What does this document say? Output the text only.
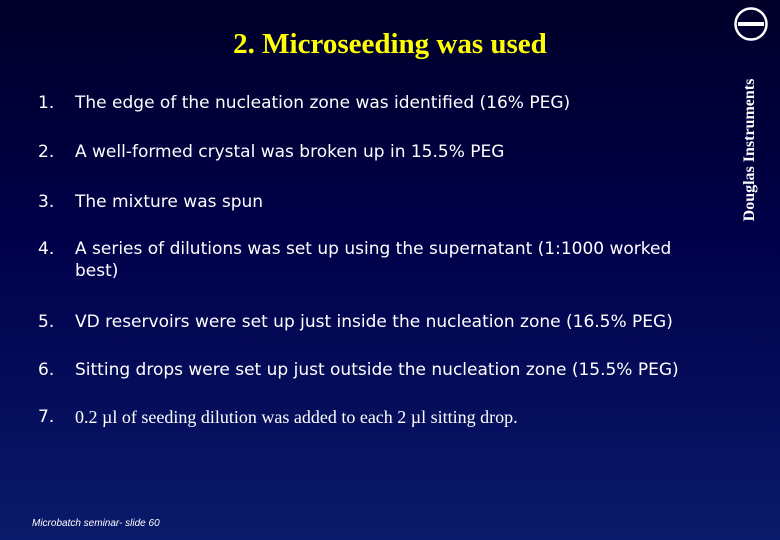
2. Microseeding was used
Douglas Instruments
1.	The edge of the nucleation zone was identified (16% PEG)
2.	A well-formed crystal was broken up in 15.5% PEG
3.	The mixture was spun
4.	A series of dilutions was set up using the supernatant (1:1000 worked best)
5.	VD reservoirs were set up just inside the nucleation zone (16.5% PEG)
6.	Sitting drops were set up just outside the nucleation zone (15.5% PEG)
7.	0.2 µl of seeding dilution was added to each 2 µl sitting drop.
Microbatch seminar- slide 60
